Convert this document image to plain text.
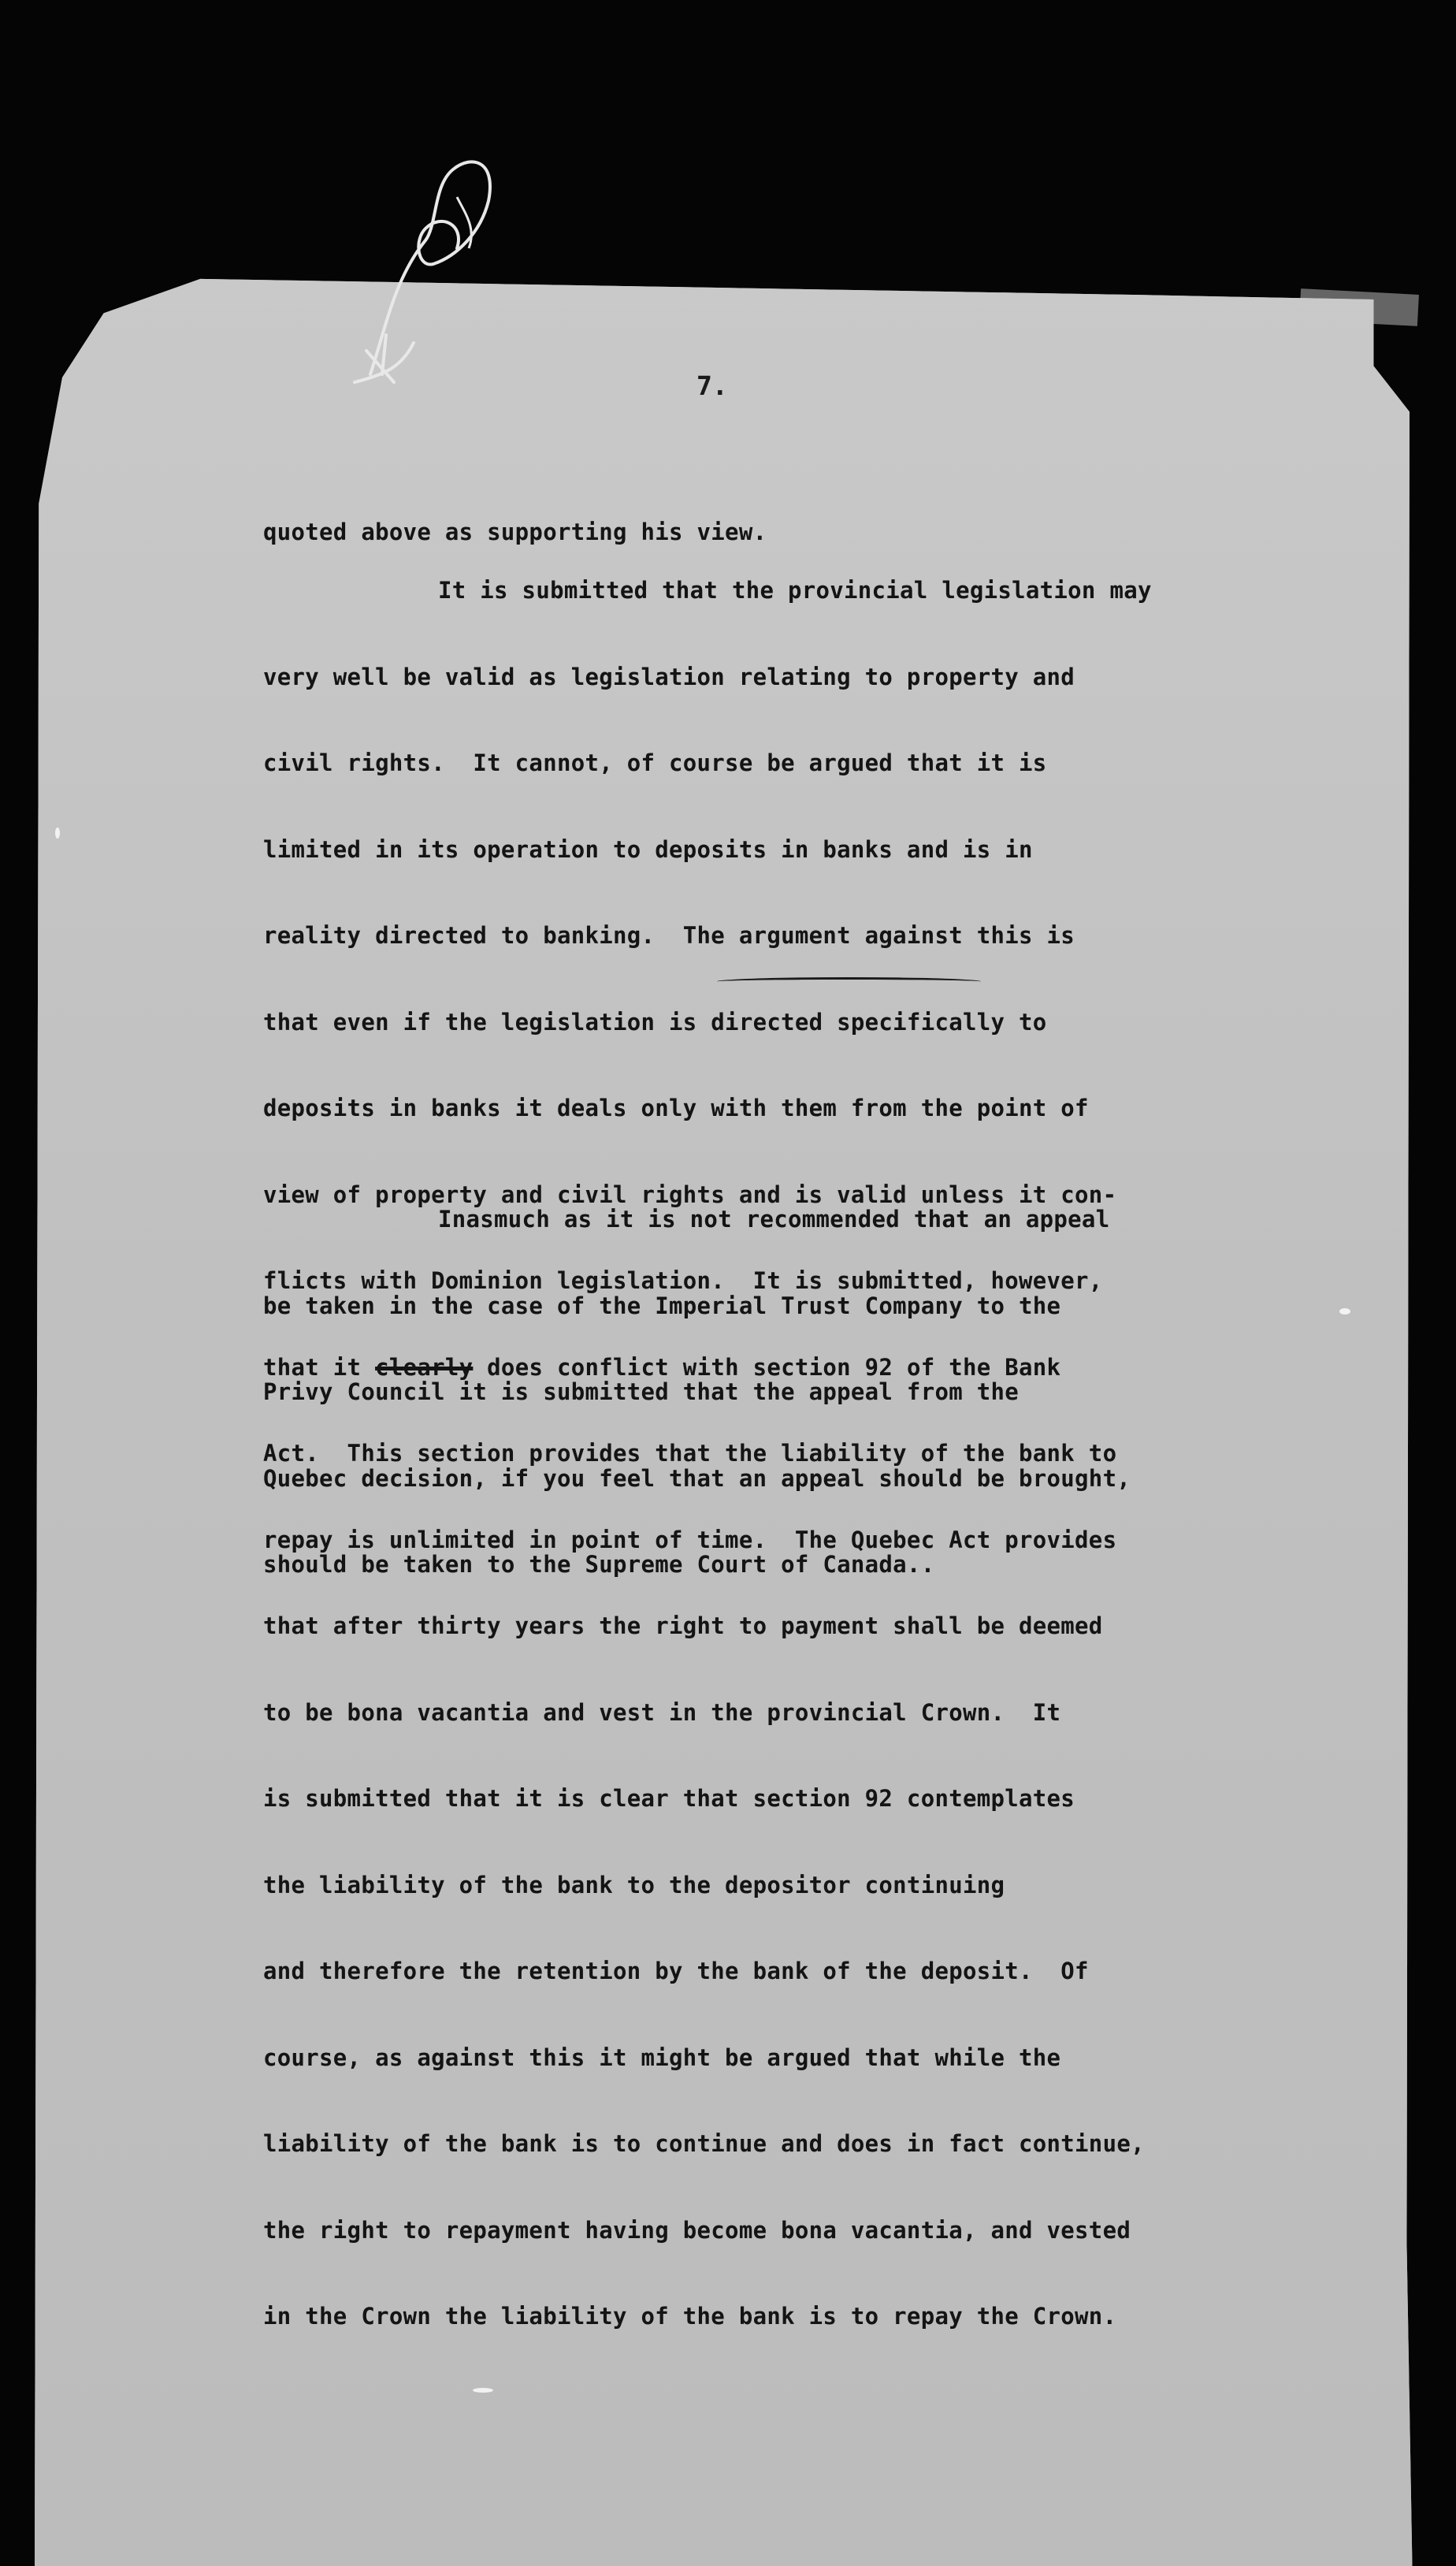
7.

quoted above as supporting his view.

It is submitted that the provincial legislation may

very well be valid as legislation relating to property and

civil rights.  It cannot, of course be argued that it is

limited in its operation to deposits in banks and is in

reality directed to banking.  The argument against this is

that even if the legislation is directed specifically to

deposits in banks it deals only with them from the point of

view of property and civil rights and is valid unless it con-

flicts with Dominion legislation.  It is submitted, however,

that it clearly does conflict with section 92 of the Bank

Act.  This section provides that the liability of the bank to

repay is unlimited in point of time.  The Quebec Act provides

that after thirty years the right to payment shall be deemed

to be bona vacantia and vest in the provincial Crown.  It

is submitted that it is clear that section 92 contemplates

the liability of the bank to the depositor continuing

and therefore the retention by the bank of the deposit.  Of

course, as against this it might be argued that while the

liability of the bank is to continue and does in fact continue,

the right to repayment having become bona vacantia, and vested

in the Crown the liability of the bank is to repay the Crown.

Inasmuch as it is not recommended that an appeal

be taken in the case of the Imperial Trust Company to the

Privy Council it is submitted that the appeal from the

Quebec decision, if you feel that an appeal should be brought,

should be taken to the Supreme Court of Canada..
